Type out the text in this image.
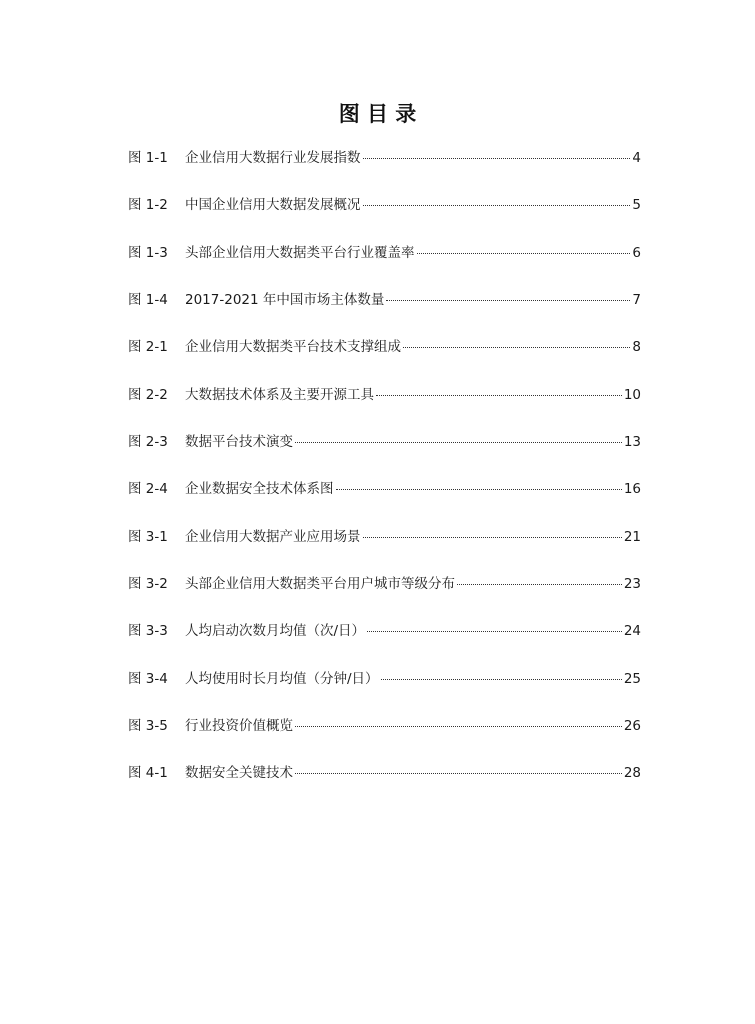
图 目 录
图 1-1	企业信用大数据行业发展指数	4
图 1-2	中国企业信用大数据发展概况	5
图 1-3	头部企业信用大数据类平台行业覆盖率	6
图 1-4	2017-2021 年中国市场主体数量	7
图 2-1	企业信用大数据类平台技术支撑组成	8
图 2-2	大数据技术体系及主要开源工具	10
图 2-3	数据平台技术演变	13
图 2-4	企业数据安全技术体系图	16
图 3-1	企业信用大数据产业应用场景	21
图 3-2	头部企业信用大数据类平台用户城市等级分布	23
图 3-3	人均启动次数月均值（次/日）	24
图 3-4	人均使用时长月均值（分钟/日）	25
图 3-5	行业投资价值概览	26
图 4-1	数据安全关键技术	28
